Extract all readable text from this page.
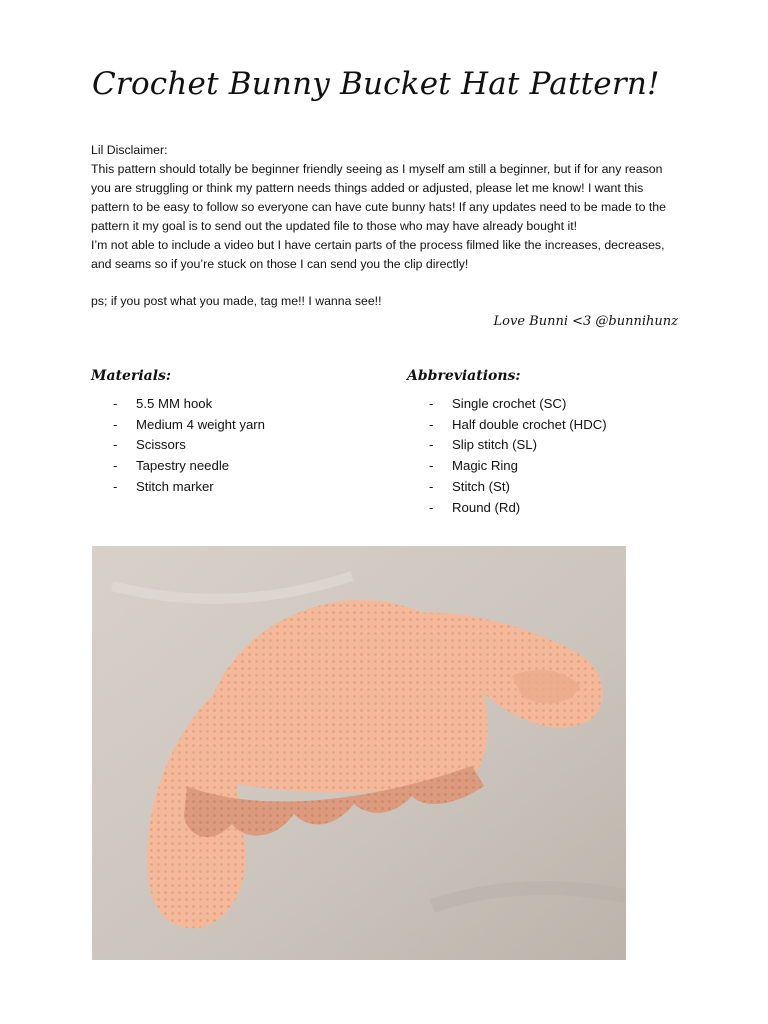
Crochet Bunny Bucket Hat Pattern!

Lil Disclaimer:

This pattern should totally be beginner friendly seeing as I myself am still a beginner, but if for any reason you are struggling or think my pattern needs things added or adjusted, please let me know! I want this pattern to be easy to follow so everyone can have cute bunny hats! If any updates need to be made to the pattern it my goal is to send out the updated file to those who may have already bought it!

I’m not able to include a video but I have certain parts of the process filmed like the increases, decreases, and seams so if you’re stuck on those I can send you the clip directly!

ps; if you post what you made, tag me!! I wanna see!!
Love Bunni <3 @bunnihunz
Materials:
- 5.5 MM hook
- Medium 4 weight yarn
- Scissors
- Tapestry needle
- Stitch marker
Abbreviations:
- Single crochet (SC)
- Half double crochet (HDC)
- Slip stitch (SL)
- Magic Ring
- Stitch (St)
- Round (Rd)
